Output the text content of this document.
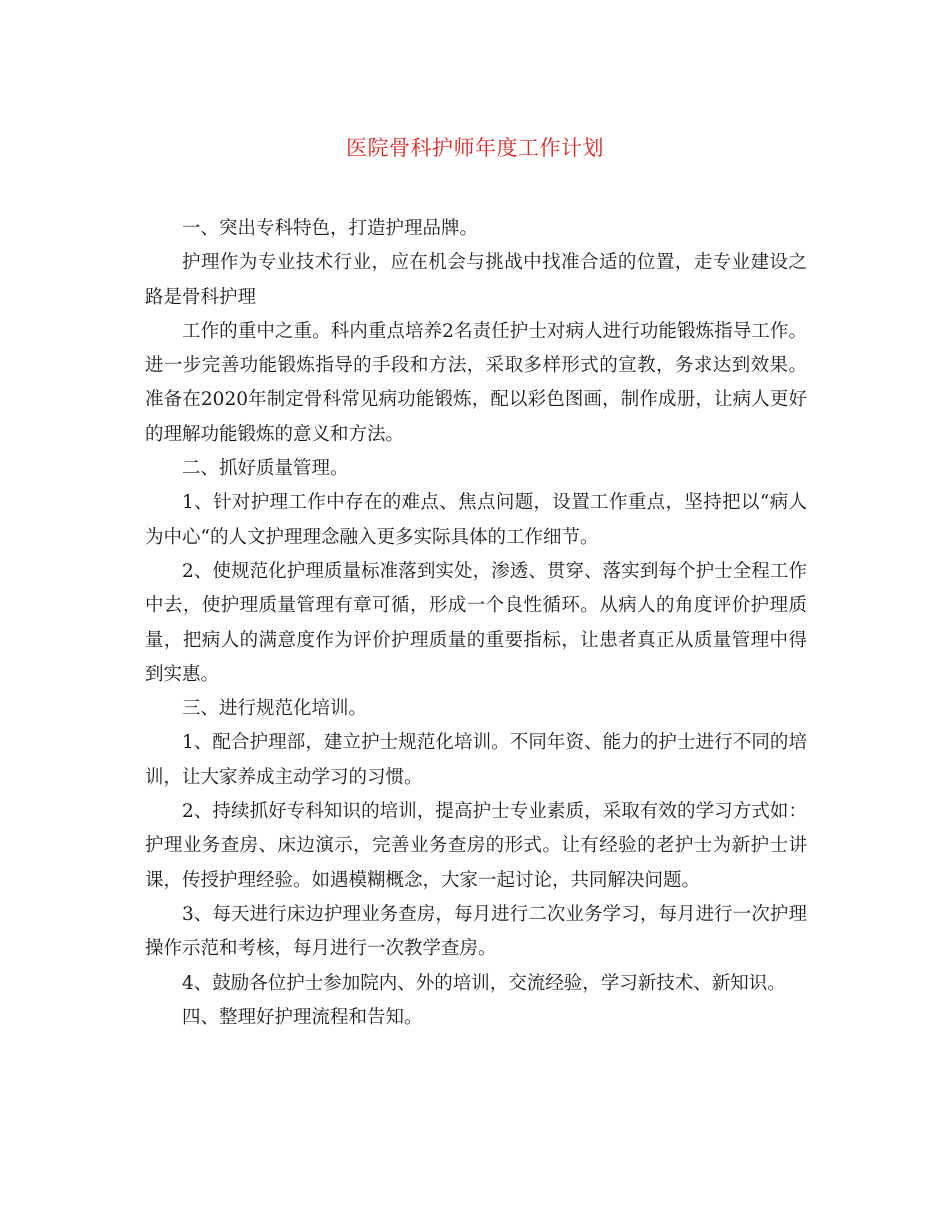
医院骨科护师年度工作计划

一、突出专科特色，打造护理品牌。

护理作为专业技术行业，应在机会与挑战中找准合适的位置，走专业建设之路是骨科护理

工作的重中之重。科内重点培养2名责任护士对病人进行功能锻炼指导工作。进一步完善功能锻炼指导的手段和方法，采取多样形式的宣教，务求达到效果。准备在2020年制定骨科常见病功能锻炼，配以彩色图画，制作成册，让病人更好的理解功能锻炼的意义和方法。

二、抓好质量管理。

1、针对护理工作中存在的难点、焦点问题，设置工作重点，坚持把以“病人为中心“的人文护理理念融入更多实际具体的工作细节。

2、使规范化护理质量标准落到实处，渗透、贯穿、落实到每个护士全程工作中去，使护理质量管理有章可循，形成一个良性循环。从病人的角度评价护理质量，把病人的满意度作为评价护理质量的重要指标，让患者真正从质量管理中得到实惠。

三、进行规范化培训。

1、配合护理部，建立护士规范化培训。不同年资、能力的护士进行不同的培训，让大家养成主动学习的习惯。

2、持续抓好专科知识的培训，提高护士专业素质，采取有效的学习方式如：护理业务查房、床边演示，完善业务查房的形式。让有经验的老护士为新护士讲课，传授护理经验。如遇模糊概念，大家一起讨论，共同解决问题。

3、每天进行床边护理业务查房，每月进行二次业务学习，每月进行一次护理操作示范和考核，每月进行一次教学查房。

4、鼓励各位护士参加院内、外的培训，交流经验，学习新技术、新知识。

四、整理好护理流程和告知。
